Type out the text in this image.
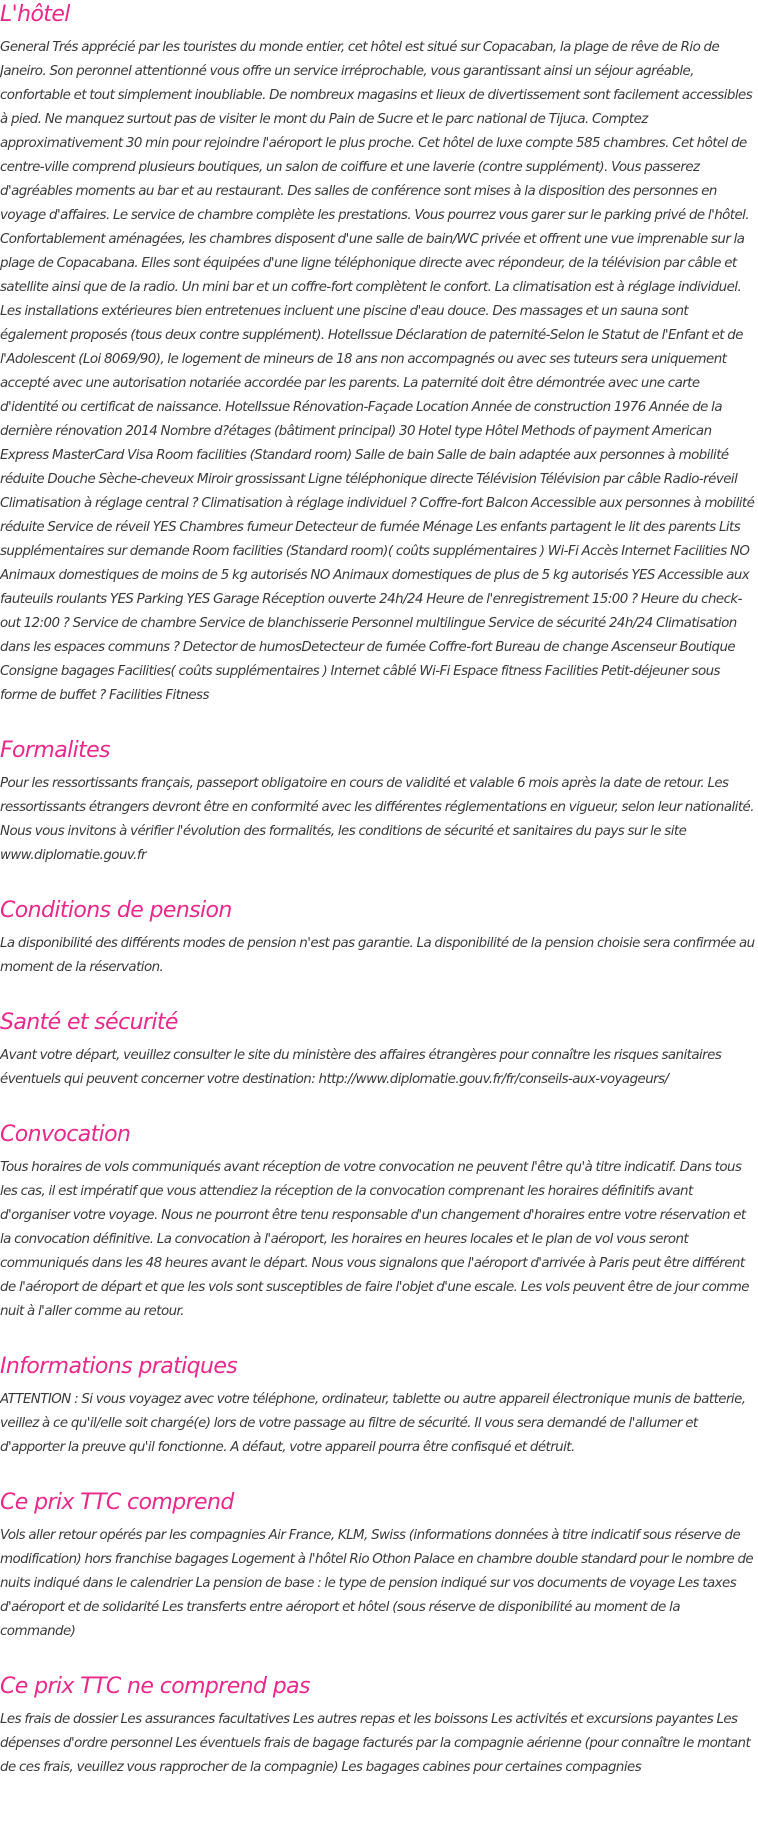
L'hôtel

General Trés apprécié par les touristes du monde entier, cet hôtel est situé sur Copacaban, la plage de rêve de Rio de Janeiro. Son peronnel attentionné vous offre un service irréprochable, vous garantissant ainsi un séjour agréable, confortable et tout simplement inoubliable. De nombreux magasins et lieux de divertissement sont facilement accessibles à pied. Ne manquez surtout pas de visiter le mont du Pain de Sucre et le parc national de Tijuca. Comptez approximativement 30 min pour rejoindre l'aéroport le plus proche. Cet hôtel de luxe compte 585 chambres. Cet hôtel de centre-ville comprend plusieurs boutiques, un salon de coiffure et une laverie (contre supplément). Vous passerez d'agréables moments au bar et au restaurant. Des salles de conférence sont mises à la disposition des personnes en voyage d'affaires. Le service de chambre complète les prestations. Vous pourrez vous garer sur le parking privé de l'hôtel. Confortablement aménagées, les chambres disposent d'une salle de bain/WC privée et offrent une vue imprenable sur la plage de Copacabana. Elles sont équipées d'une ligne téléphonique directe avec répondeur, de la télévision par câble et satellite ainsi que de la radio. Un mini bar et un coffre-fort complètent le confort. La climatisation est à réglage individuel. Les installations extérieures bien entretenues incluent une piscine d'eau douce. Des massages et un sauna sont également proposés (tous deux contre supplément). HotelIssue Déclaration de paternité-Selon le Statut de l'Enfant et de l'Adolescent (Loi 8069/90), le logement de mineurs de 18 ans non accompagnés ou avec ses tuteurs sera uniquement accepté avec une autorisation notariée accordée par les parents. La paternité doit être démontrée avec une carte d'identité ou certificat de naissance. HotelIssue Rénovation-Façade Location Année de construction 1976 Année de la dernière rénovation 2014 Nombre d?étages (bâtiment principal) 30 Hotel type Hôtel Methods of payment American Express MasterCard Visa Room facilities (Standard room) Salle de bain Salle de bain adaptée aux personnes à mobilité réduite Douche Sèche-cheveux Miroir grossissant Ligne téléphonique directe Télévision Télévision par câble Radio-réveil Climatisation à réglage central ? Climatisation à réglage individuel ? Coffre-fort Balcon Accessible aux personnes à mobilité réduite Service de réveil YES Chambres fumeur Detecteur de fumée Ménage Les enfants partagent le lit des parents Lits supplémentaires sur demande Room facilities (Standard room)( coûts supplémentaires ) Wi-Fi Accès Internet Facilities NO Animaux domestiques de moins de 5 kg autorisés NO Animaux domestiques de plus de 5 kg autorisés YES Accessible aux fauteuils roulants YES Parking YES Garage Réception ouverte 24h/24 Heure de l'enregistrement 15:00 ? Heure du check-out 12:00 ? Service de chambre Service de blanchisserie Personnel multilingue Service de sécurité 24h/24 Climatisation dans les espaces communs ? Detector de humosDetecteur de fumée Coffre-fort Bureau de change Ascenseur Boutique Consigne bagages Facilities( coûts supplémentaires ) Internet câblé Wi-Fi Espace fitness Facilities Petit-déjeuner sous forme de buffet ? Facilities Fitness

Formalites

Pour les ressortissants français, passeport obligatoire en cours de validité et valable 6 mois après la date de retour. Les ressortissants étrangers devront être en conformité avec les différentes réglementations en vigueur, selon leur nationalité. Nous vous invitons à vérifier l'évolution des formalités, les conditions de sécurité et sanitaires du pays sur le site www.diplomatie.gouv.fr

Conditions de pension

La disponibilité des différents modes de pension n'est pas garantie. La disponibilité de la pension choisie sera confirmée au moment de la réservation.

Santé et sécurité

Avant votre départ, veuillez consulter le site du ministère des affaires étrangères pour connaître les risques sanitaires éventuels qui peuvent concerner votre destination: http://www.diplomatie.gouv.fr/fr/conseils-aux-voyageurs/

Convocation

Tous horaires de vols communiqués avant réception de votre convocation ne peuvent l'être qu'à titre indicatif. Dans tous les cas, il est impératif que vous attendiez la réception de la convocation comprenant les horaires définitifs avant d'organiser votre voyage. Nous ne pourront être tenu responsable d'un changement d'horaires entre votre réservation et la convocation définitive. La convocation à l'aéroport, les horaires en heures locales et le plan de vol vous seront communiqués dans les 48 heures avant le départ. Nous vous signalons que l'aéroport d'arrivée à Paris peut être différent de l'aéroport de départ et que les vols sont susceptibles de faire l'objet d'une escale. Les vols peuvent être de jour comme nuit à l'aller comme au retour.

Informations pratiques

ATTENTION : Si vous voyagez avec votre téléphone, ordinateur, tablette ou autre appareil électronique munis de batterie, veillez à ce qu'il/elle soit chargé(e) lors de votre passage au filtre de sécurité. Il vous sera demandé de l'allumer et d'apporter la preuve qu'il fonctionne. A défaut, votre appareil pourra être confisqué et détruit.

Ce prix TTC comprend

Vols aller retour opérés par les compagnies Air France, KLM, Swiss (informations données à titre indicatif sous réserve de modification) hors franchise bagages Logement à l'hôtel Rio Othon Palace en chambre double standard pour le nombre de nuits indiqué dans le calendrier La pension de base : le type de pension indiqué sur vos documents de voyage Les taxes d'aéroport et de solidarité Les transferts entre aéroport et hôtel (sous réserve de disponibilité au moment de la commande)

Ce prix TTC ne comprend pas

Les frais de dossier Les assurances facultatives Les autres repas et les boissons Les activités et excursions payantes Les dépenses d'ordre personnel Les éventuels frais de bagage facturés par la compagnie aérienne (pour connaître le montant de ces frais, veuillez vous rapprocher de la compagnie) Les bagages cabines pour certaines compagnies
